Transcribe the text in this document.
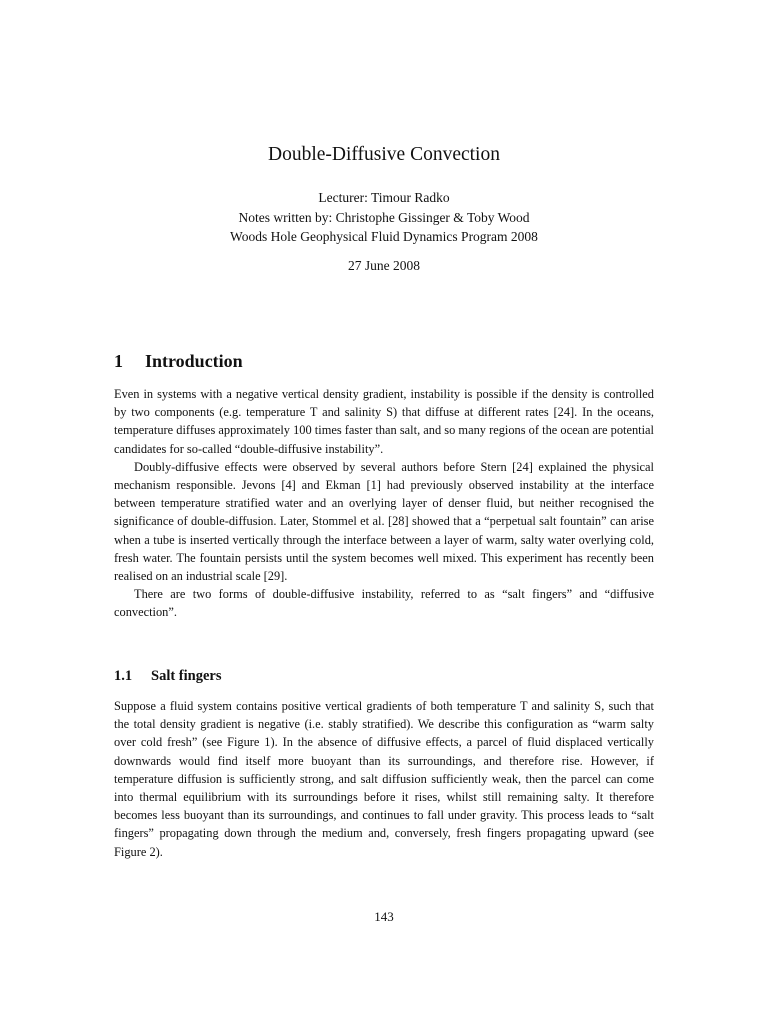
Double-Diffusive Convection
Lecturer: Timour Radko
Notes written by: Christophe Gissinger & Toby Wood
Woods Hole Geophysical Fluid Dynamics Program 2008
27 June 2008
1 Introduction

Even in systems with a negative vertical density gradient, instability is possible if the density is controlled by two components (e.g. temperature T and salinity S) that diffuse at different rates [24]. In the oceans, temperature diffuses approximately 100 times faster than salt, and so many regions of the ocean are potential candidates for so-called “double-diffusive instability”.

Doubly-diffusive effects were observed by several authors before Stern [24] explained the physical mechanism responsible. Jevons [4] and Ekman [1] had previously observed instability at the interface between temperature stratified water and an overlying layer of denser fluid, but neither recognised the significance of double-diffusion. Later, Stommel et al. [28] showed that a “perpetual salt fountain” can arise when a tube is inserted vertically through the interface between a layer of warm, salty water overlying cold, fresh water. The fountain persists until the system becomes well mixed. This experiment has recently been realised on an industrial scale [29].

There are two forms of double-diffusive instability, referred to as “salt fingers” and “diffusive convection”.

1.1 Salt fingers

Suppose a fluid system contains positive vertical gradients of both temperature T and salinity S, such that the total density gradient is negative (i.e. stably stratified). We describe this configuration as “warm salty over cold fresh” (see Figure 1). In the absence of diffusive effects, a parcel of fluid displaced vertically downwards would find itself more buoyant than its surroundings, and therefore rise. However, if temperature diffusion is sufficiently strong, and salt diffusion sufficiently weak, then the parcel can come into thermal equilibrium with its surroundings before it rises, whilst still remaining salty. It therefore becomes less buoyant than its surroundings, and continues to fall under gravity. This process leads to “salt fingers” propagating down through the medium and, conversely, fresh fingers propagating upward (see Figure 2).

143
